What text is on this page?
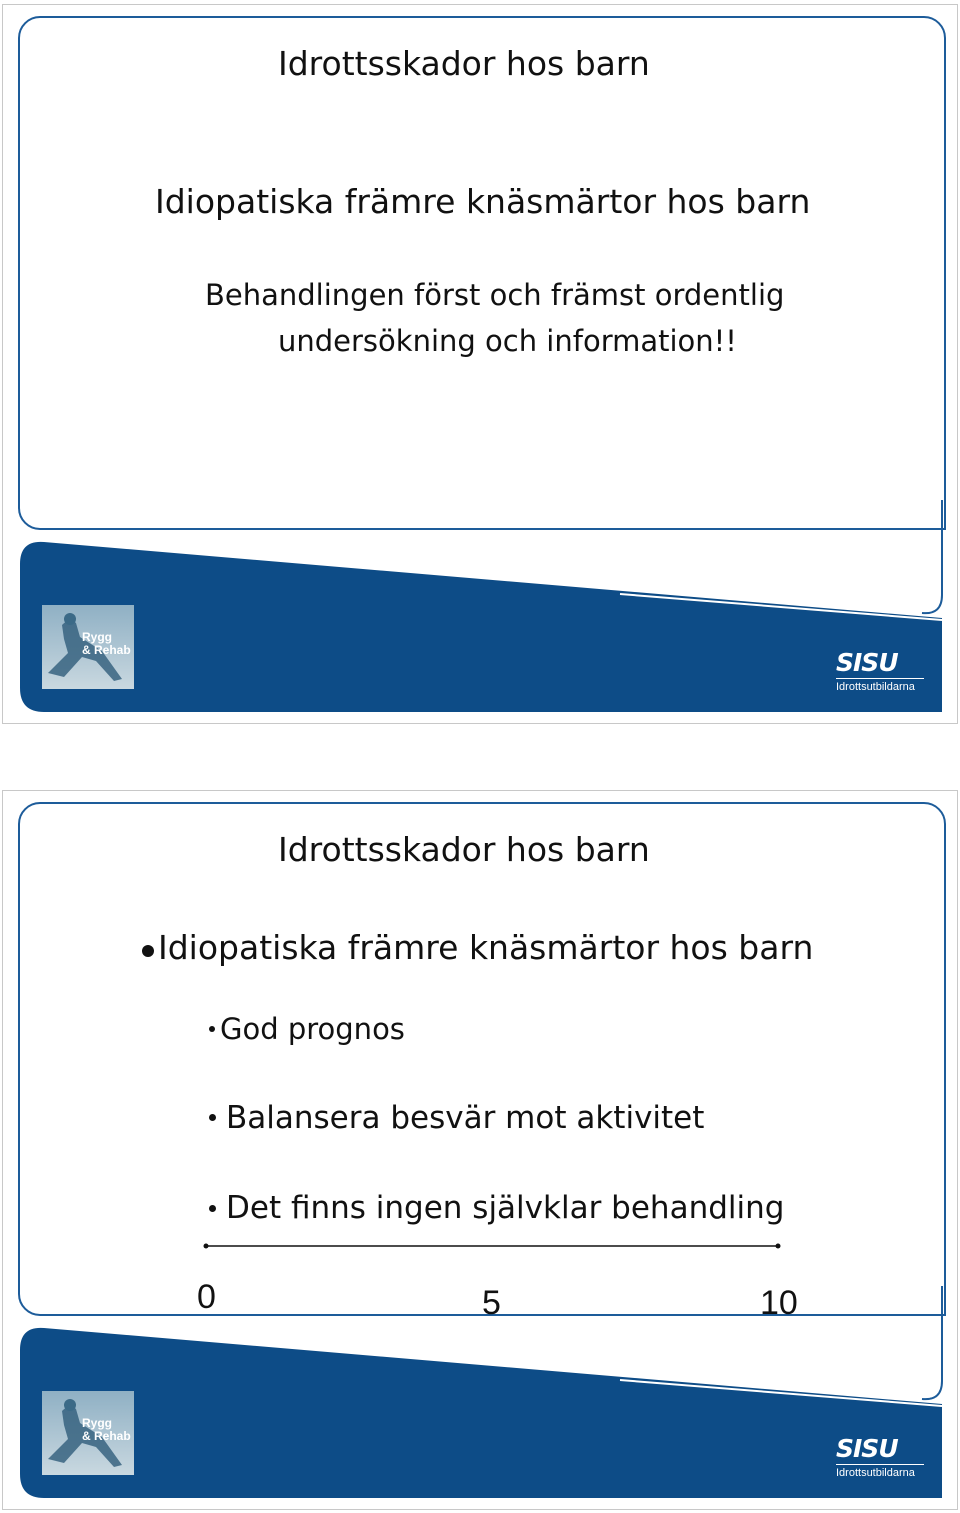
Idrottsskador hos barn
Idiopatiska främre knäsmärtor hos barn
Behandlingen först och främst ordentlig
undersökning och information!!
Rygg
& Rehab	SISU
Idrottsutbildarna
Idrottsskador hos barn
Idiopatiska främre knäsmärtor hos barn
God prognos
Balansera besvär mot aktivitet
Det finns ingen självklar behandling
0	5	10
Rygg
& Rehab	SISU
Idrottsutbildarna
